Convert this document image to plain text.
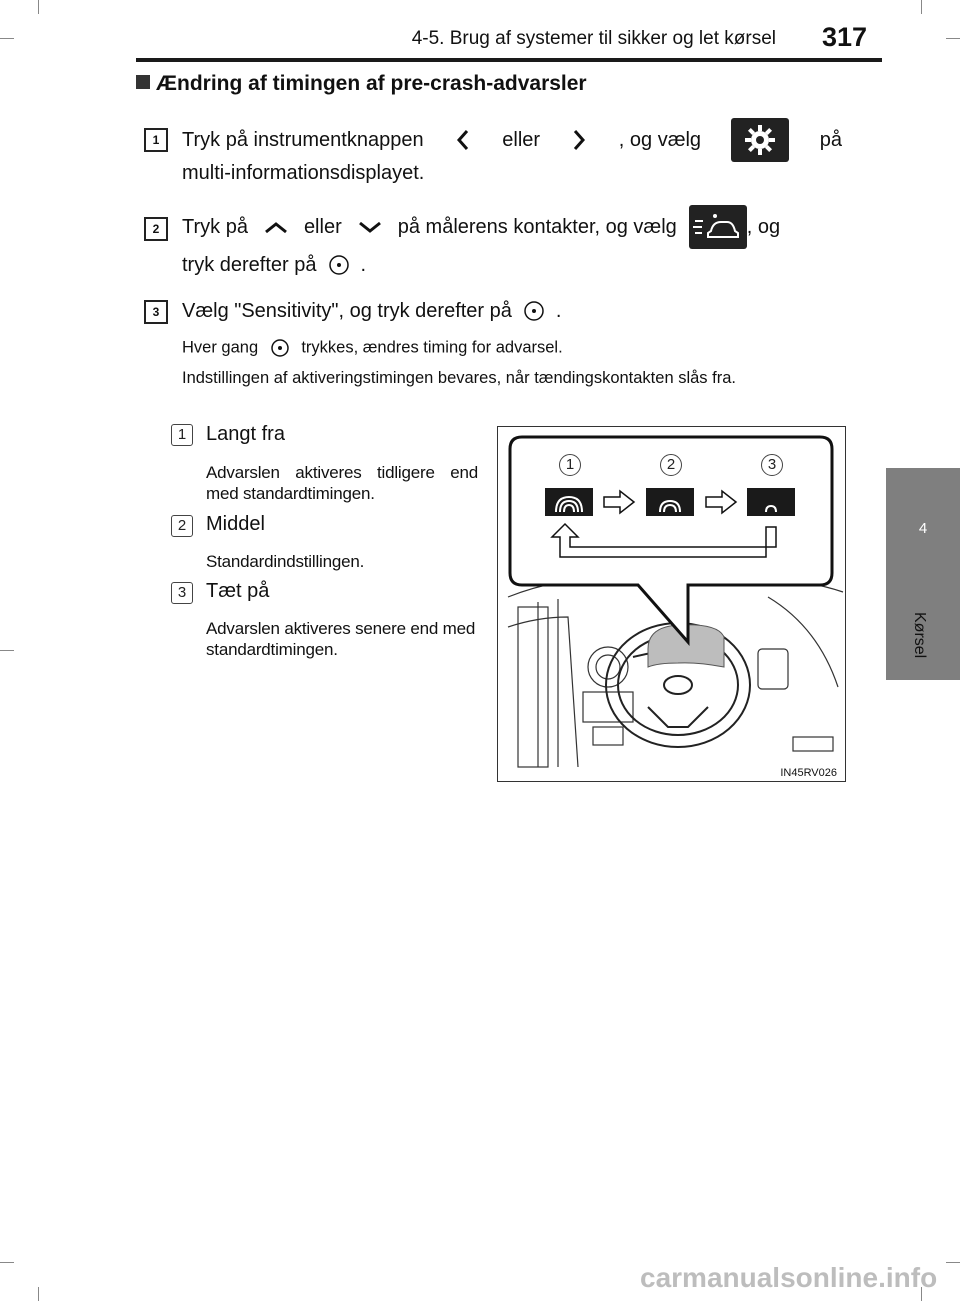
4-5. Brug af systemer til sikker og let kørsel 317
4
Kørsel
Ændring af timingen af pre-crash-advarsler
1	Tryk på instrumentknappen	eller	, og vælg	på
multi-informationsdisplayet.
2	Tryk på	eller	på målerens kontakter, og vælg	, og
tryk derefter på .
3	Vælg "Sensitivity", og tryk derefter på .
Hver gang	trykkes, ændres timing for advarsel.
Indstillingen af aktiveringstimingen bevares, når tændingskontakten slås fra.
1 Langt fra
Advarslen aktiveres tidligere end med standardtimingen.
2 Middel
Standardindstillingen.
3 Tæt på
Advarslen aktiveres senere end med standardtimingen.
1	2	3
IN45RV026
carmanualsonline.info
